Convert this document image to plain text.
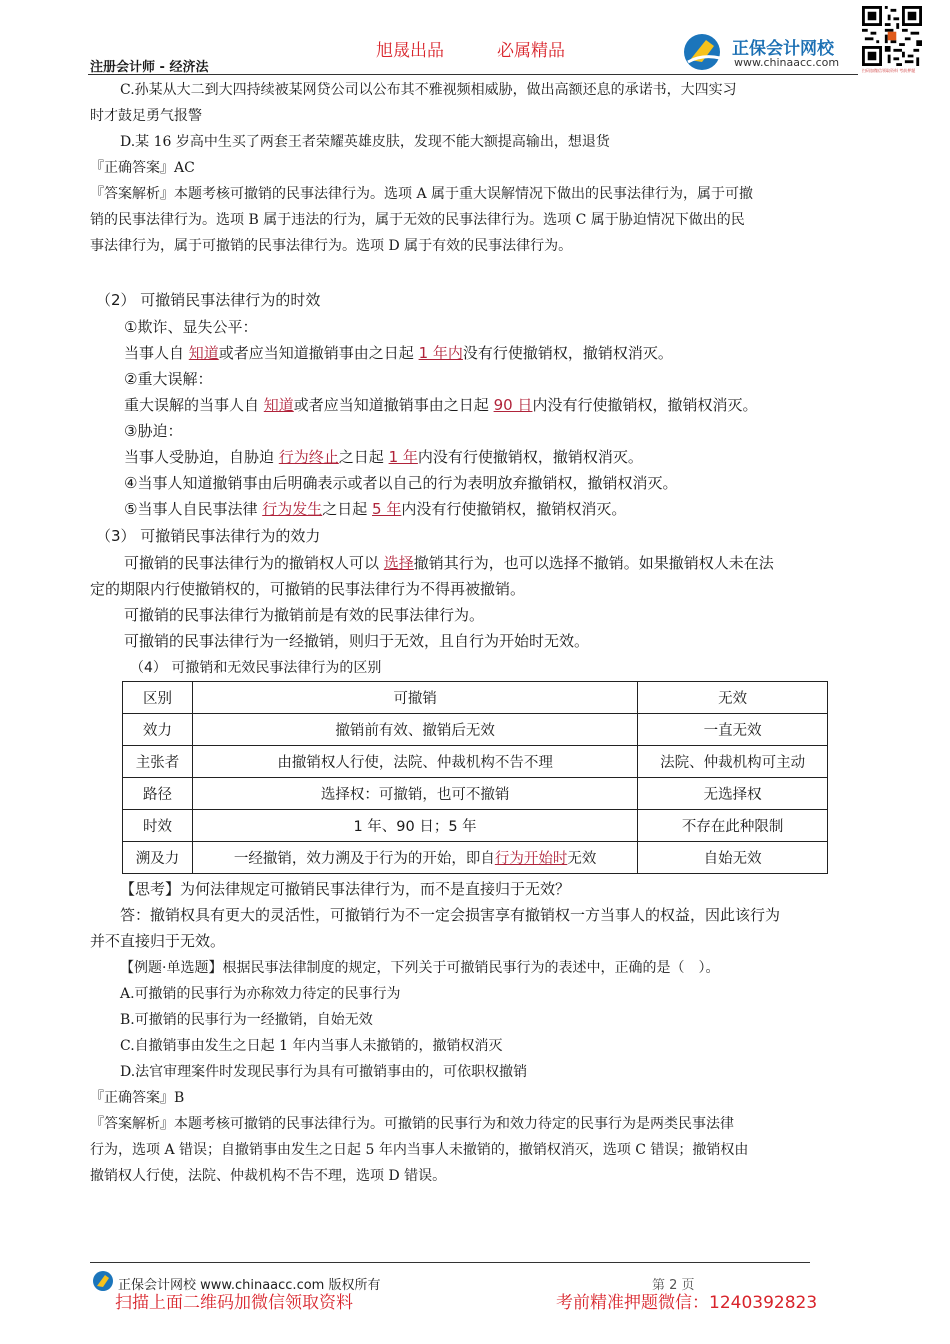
旭晟出品	必属精品
注册会计师 - 经济法
正保会计网校
www.chinaacc.com
扫码加微信领取资料 考前押题
C.孙某从大二到大四持续被某网贷公司以公布其不雅视频相威胁，做出高额还息的承诺书，大四实习
时才鼓足勇气报警
D.某 16 岁高中生买了两套王者荣耀英雄皮肤，发现不能大额提高输出，想退货
『正确答案』AC
『答案解析』本题考核可撤销的民事法律行为。选项 A 属于重大误解情况下做出的民事法律行为，属于可撤
销的民事法律行为。选项 B 属于违法的行为，属于无效的民事法律行为。选项 C 属于胁迫情况下做出的民
事法律行为，属于可撤销的民事法律行为。选项 D 属于有效的民事法律行为。
（2） 可撤销民事法律行为的时效
①欺诈、显失公平：
当事人自 知道或者应当知道撤销事由之日起 1 年内没有行使撤销权，撤销权消灭。
②重大误解：
重大误解的当事人自 知道或者应当知道撤销事由之日起 90 日内没有行使撤销权，撤销权消灭。
③胁迫：
当事人受胁迫，自胁迫 行为终止之日起 1 年内没有行使撤销权，撤销权消灭。
④当事人知道撤销事由后明确表示或者以自己的行为表明放弃撤销权，撤销权消灭。
⑤当事人自民事法律 行为发生之日起 5 年内没有行使撤销权，撤销权消灭。
（3） 可撤销民事法律行为的效力
可撤销的民事法律行为的撤销权人可以 选择撤销其行为，也可以选择不撤销。如果撤销权人未在法
定的期限内行使撤销权的，可撤销的民事法律行为不得再被撤销。
可撤销的民事法律行为撤销前是有效的民事法律行为。
可撤销的民事法律行为一经撤销，则归于无效，且自行为开始时无效。
（4） 可撤销和无效民事法律行为的区别
区别	可撤销	无效
效力	撤销前有效、撤销后无效	一直无效
主张者	由撤销权人行使，法院、仲裁机构不告不理	法院、仲裁机构可主动
路径	选择权：可撤销，也可不撤销	无选择权
时效	1 年、90 日；5 年	不存在此种限制
溯及力	一经撤销，效力溯及于行为的开始，即自行为开始时无效	自始无效
【思考】为何法律规定可撤销民事法律行为，而不是直接归于无效？
答：撤销权具有更大的灵活性，可撤销行为不一定会损害享有撤销权一方当事人的权益，因此该行为
并不直接归于无效。
【例题·单选题】根据民事法律制度的规定，下列关于可撤销民事行为的表述中，正确的是（　）。
A.可撤销的民事行为亦称效力待定的民事行为
B.可撤销的民事行为一经撤销，自始无效
C.自撤销事由发生之日起 1 年内当事人未撤销的，撤销权消灭
D.法官审理案件时发现民事行为具有可撤销事由的，可依职权撤销
『正确答案』B
『答案解析』本题考核可撤销的民事法律行为。可撤销的民事行为和效力待定的民事行为是两类民事法律
行为，选项 A 错误；自撤销事由发生之日起 5 年内当事人未撤销的，撤销权消灭，选项 C 错误；撤销权由
撤销权人行使，法院、仲裁机构不告不理，选项 D 错误。
正保会计网校 www.chinaacc.com 版权所有	第 2 页
扫描上面二维码加微信领取资料	考前精准押题微信：1240392823
